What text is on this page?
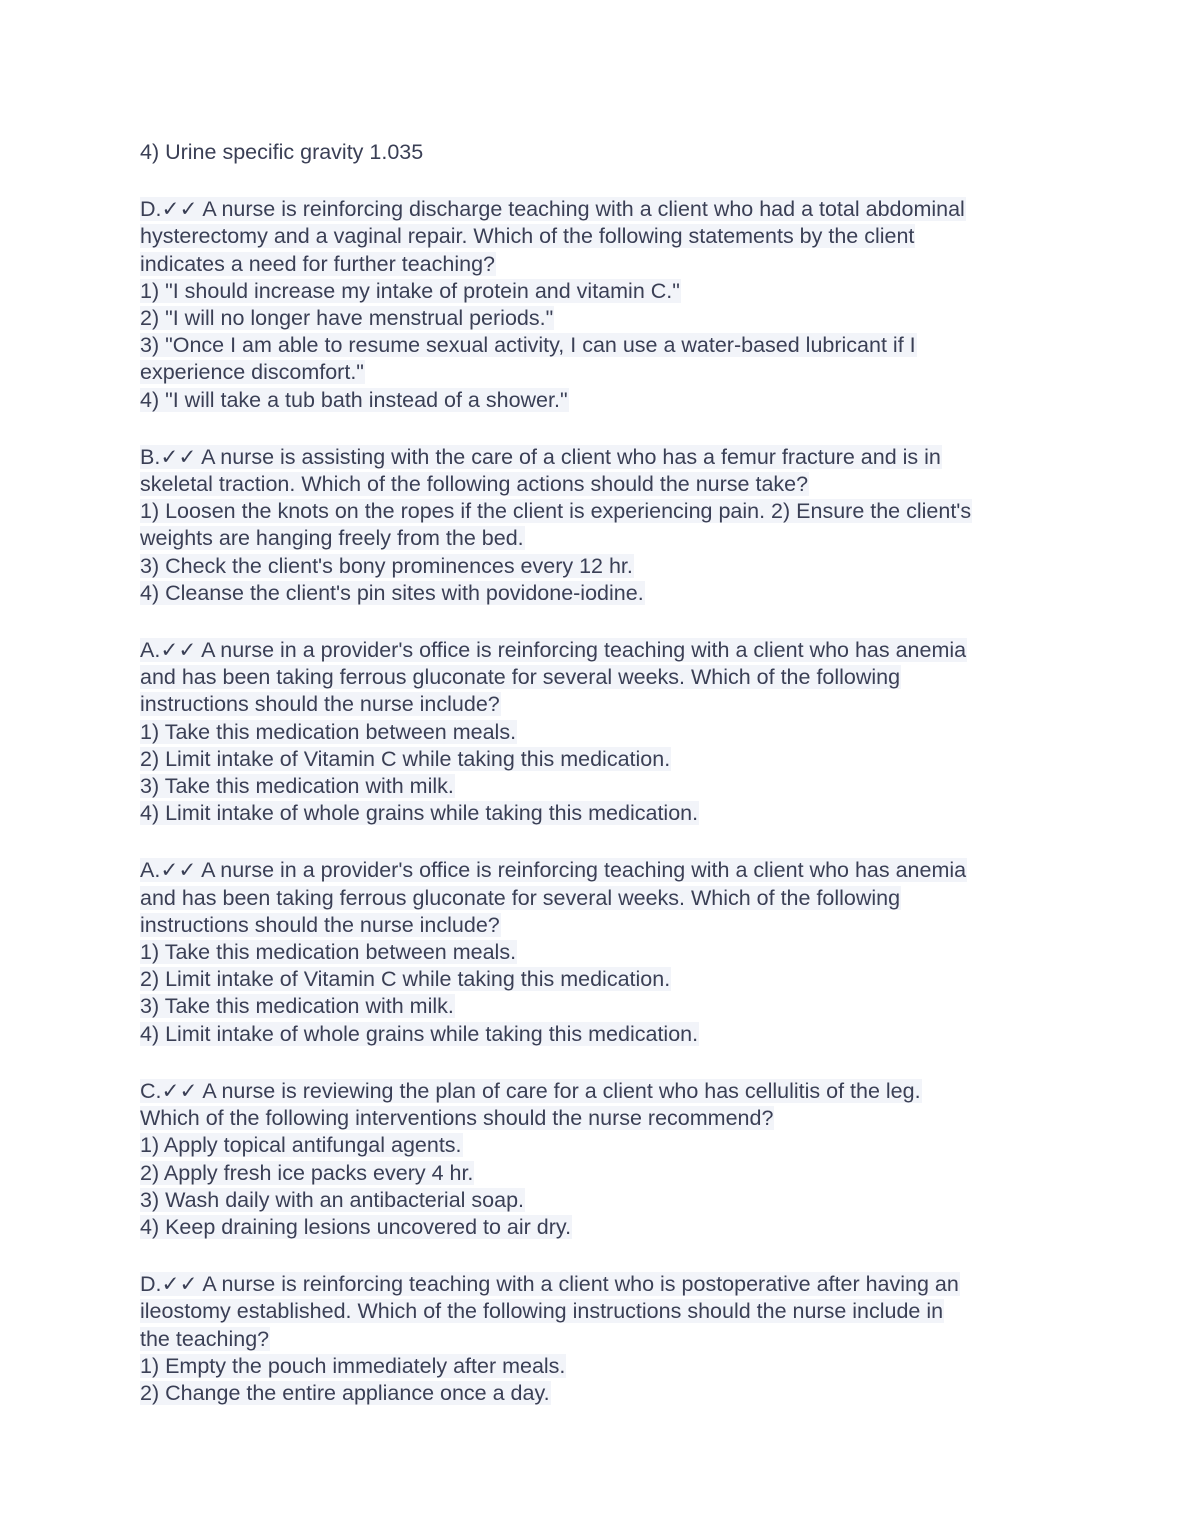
4) Urine specific gravity 1.035
D.✓✓ A nurse is reinforcing discharge teaching with a client who had a total abdominal
hysterectomy and a vaginal repair. Which of the following statements by the client
indicates a need for further teaching?
1) "I should increase my intake of protein and vitamin C."
2) "I will no longer have menstrual periods."
3) "Once I am able to resume sexual activity, I can use a water-based lubricant if I
experience discomfort."
4) "I will take a tub bath instead of a shower."
B.✓✓ A nurse is assisting with the care of a client who has a femur fracture and is in
skeletal traction. Which of the following actions should the nurse take?
1) Loosen the knots on the ropes if the client is experiencing pain. 2) Ensure the client's
weights are hanging freely from the bed.
3) Check the client's bony prominences every 12 hr.
4) Cleanse the client's pin sites with povidone-iodine.
A.✓✓ A nurse in a provider's office is reinforcing teaching with a client who has anemia
and has been taking ferrous gluconate for several weeks. Which of the following
instructions should the nurse include?
1) Take this medication between meals.
2) Limit intake of Vitamin C while taking this medication.
3) Take this medication with milk.
4) Limit intake of whole grains while taking this medication.
A.✓✓ A nurse in a provider's office is reinforcing teaching with a client who has anemia
and has been taking ferrous gluconate for several weeks. Which of the following
instructions should the nurse include?
1) Take this medication between meals.
2) Limit intake of Vitamin C while taking this medication.
3) Take this medication with milk.
4) Limit intake of whole grains while taking this medication.
C.✓✓ A nurse is reviewing the plan of care for a client who has cellulitis of the leg.
Which of the following interventions should the nurse recommend?
1) Apply topical antifungal agents.
2) Apply fresh ice packs every 4 hr.
3) Wash daily with an antibacterial soap.
4) Keep draining lesions uncovered to air dry.
D.✓✓ A nurse is reinforcing teaching with a client who is postoperative after having an
ileostomy established. Which of the following instructions should the nurse include in
the teaching?
1) Empty the pouch immediately after meals.
2) Change the entire appliance once a day.
